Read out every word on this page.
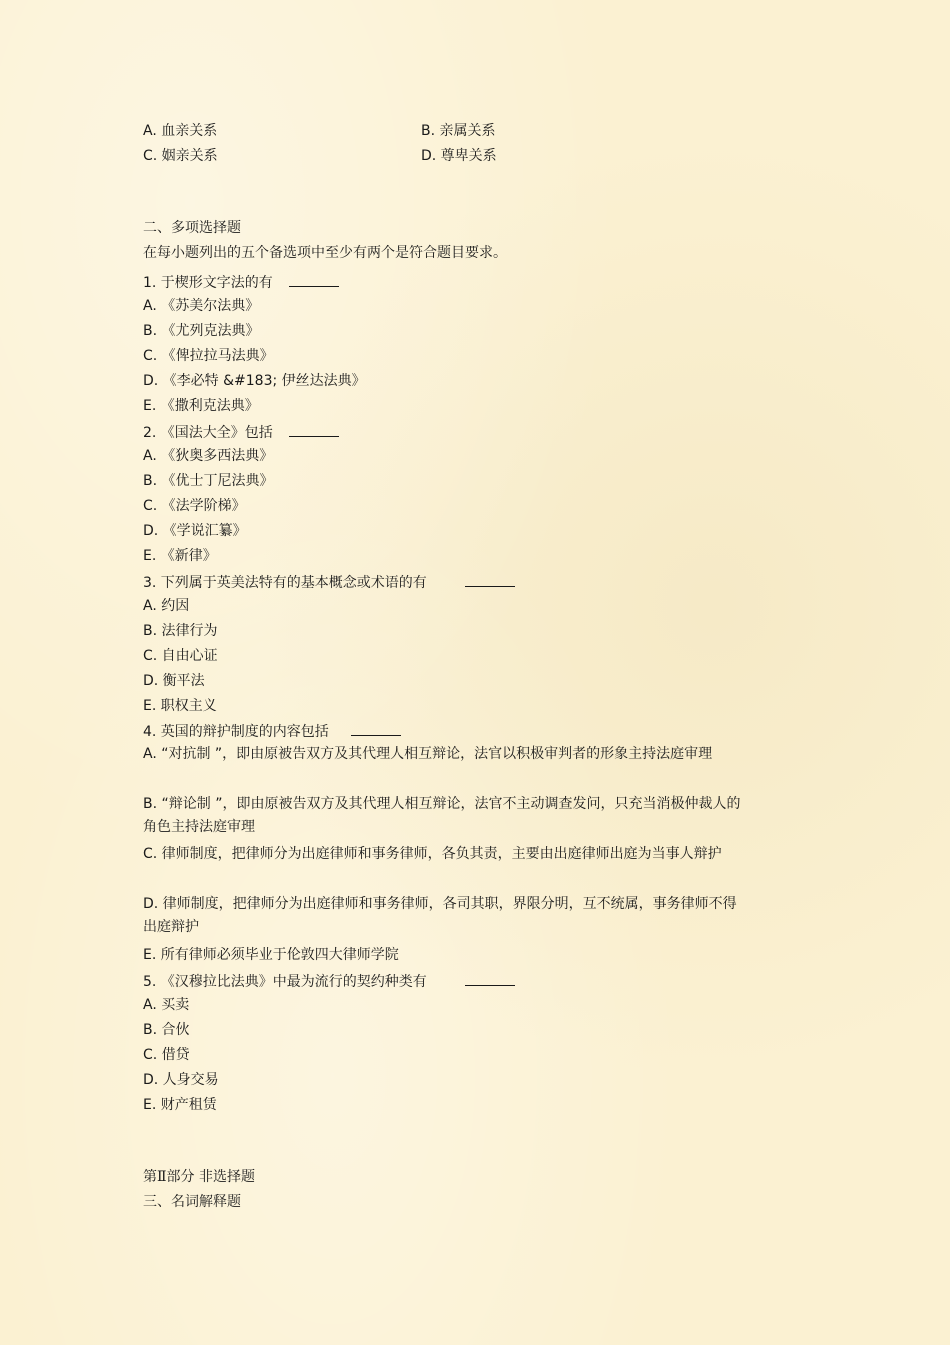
A. 血亲关系	B. 亲属关系
C. 姻亲关系	D. 尊卑关系
二、多项选择题
在每小题列出的五个备选项中至少有两个是符合题目要求。
1. 于楔形文字法的有
A. 《苏美尔法典》
B. 《尤列克法典》
C. 《俾拉拉马法典》
D. 《李必特 &#183; 伊丝达法典》
E. 《撒利克法典》
2. 《国法大全》包括
A. 《狄奥多西法典》
B. 《优士丁尼法典》
C. 《法学阶梯》
D. 《学说汇纂》
E. 《新律》
3. 下列属于英美法特有的基本概念或术语的有
A. 约因
B. 法律行为
C. 自由心证
D. 衡平法
E. 职权主义
4. 英国的辩护制度的内容包括
A. “对抗制 ”，即由原被告双方及其代理人相互辩论，法官以积极审判者的形象主持法庭审理
B. “辩论制 ”，即由原被告双方及其代理人相互辩论，法官不主动调查发问，只充当消极仲裁人的角色主持法庭审理
C. 律师制度，把律师分为出庭律师和事务律师，各负其责，主要由出庭律师出庭为当事人辩护
D. 律师制度，把律师分为出庭律师和事务律师，各司其职，界限分明，互不统属，事务律师不得出庭辩护
E. 所有律师必须毕业于伦敦四大律师学院
5. 《汉穆拉比法典》中最为流行的契约种类有
A. 买卖
B. 合伙
C. 借贷
D. 人身交易
E. 财产租赁
第Ⅱ部分 非选择题
三、名词解释题
